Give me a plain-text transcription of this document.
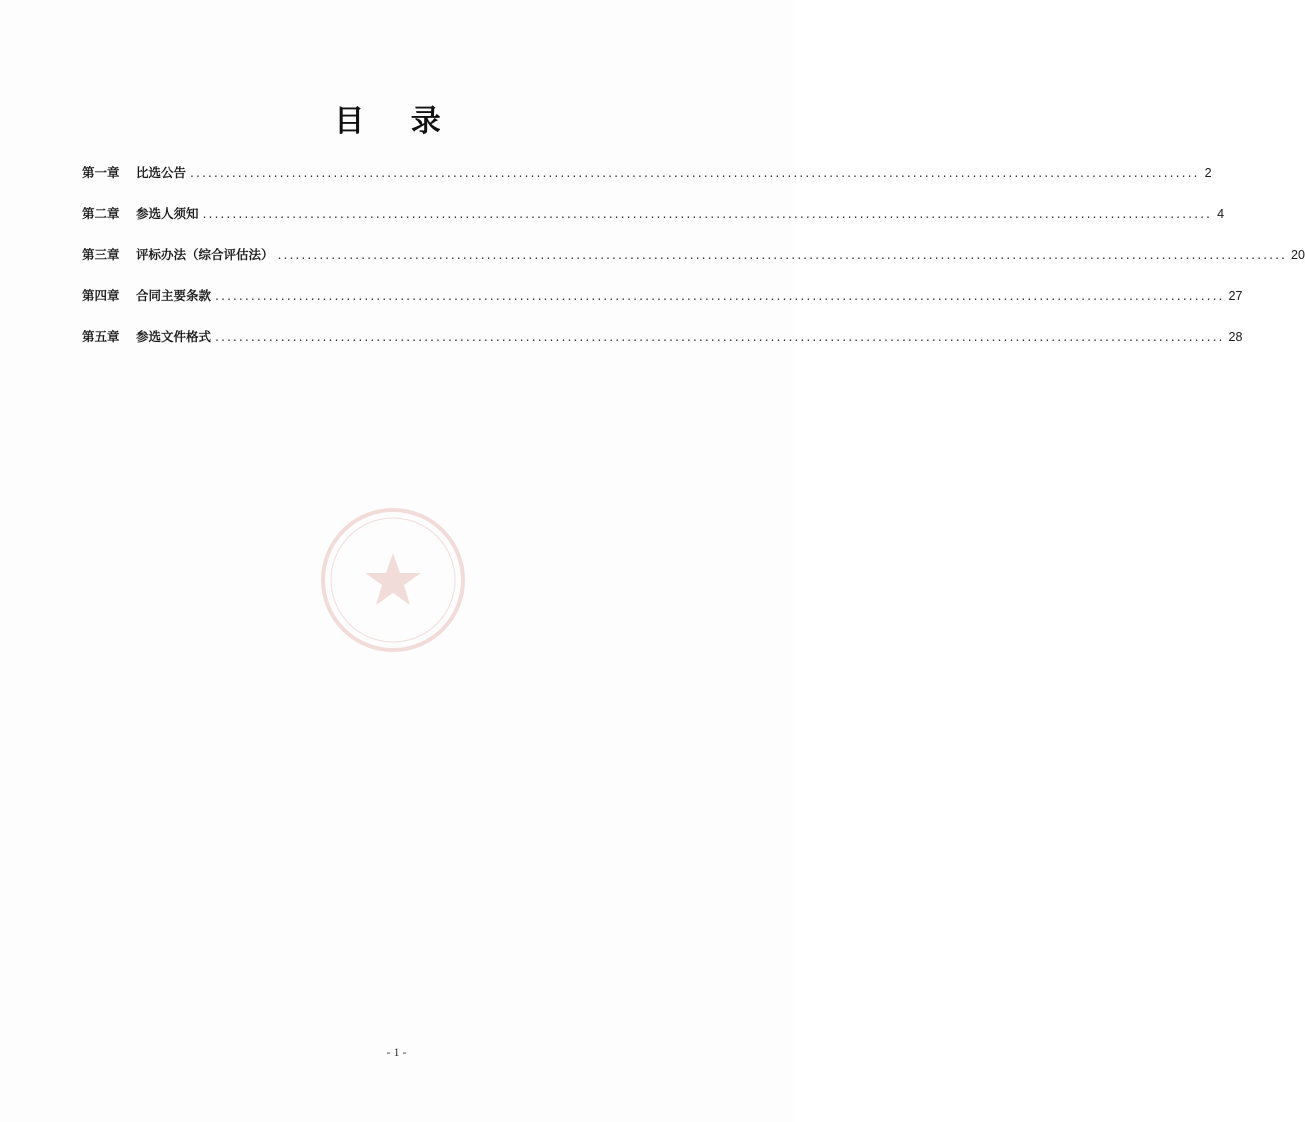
目 录
第一章	比选公告 ......................................................................................................................................................................... 2
第二章	参选人须知 ......................................................................................................................................................................... 4
第三章	评标办法（综合评估法） ......................................................................................................................................................................... 20
第四章	合同主要条款 ......................................................................................................................................................................... 27
第五章	参选文件格式 ......................................................................................................................................................................... 28
- 1 -
